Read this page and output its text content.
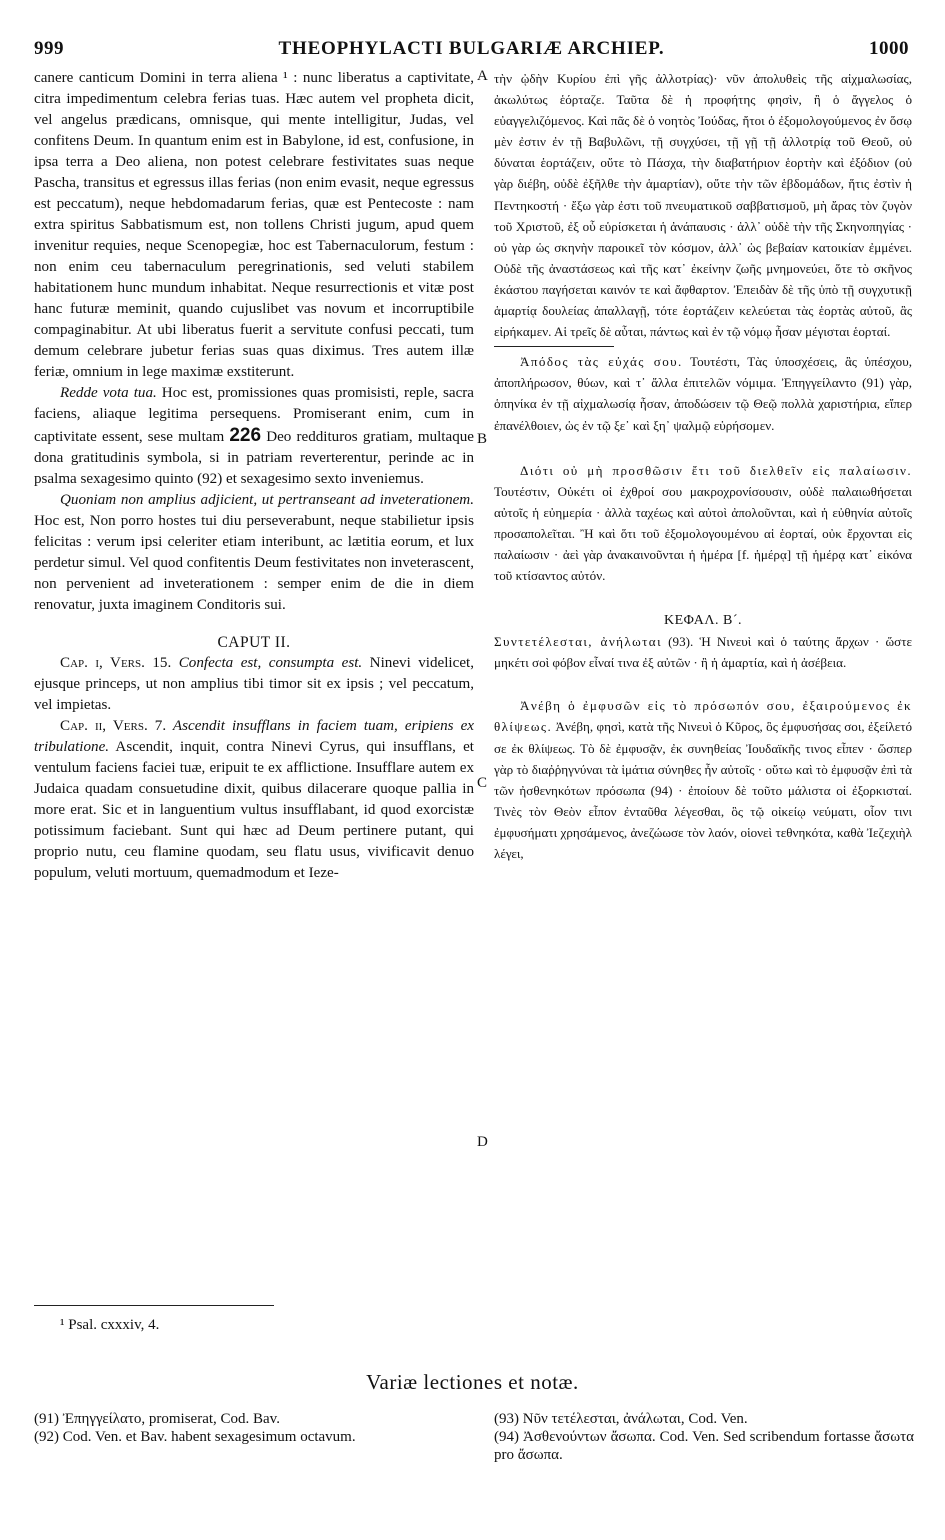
999	THEOPHYLACTI BULGARIÆ ARCHIEP.	1000
A
B
C
D

canere canticum Domini in terra aliena ¹ : nunc liberatus a captivitate, citra impedimentum celebra ferias tuas. Hæc autem vel propheta dicit, vel angelus prædicans, omnisque, qui mente intelligitur, Judas, vel confitens Deum. In quantum enim est in Babylone, id est, confusione, in ipsa terra a Deo aliena, non potest celebrare festivitates suas neque Pascha, transitus et egressus illas ferias (non enim evasit, neque egressus est peccatum), neque hebdomadarum ferias, quæ est Pentecoste : nam extra spiritus Sabbatismum est, non tollens Christi jugum, apud quem invenitur requies, neque Scenopegiæ, hoc est Tabernaculorum, festum : non enim ceu tabernaculum peregrinationis, sed veluti stabilem habitationem hunc mundum inhabitat. Neque resurrectionis et vitæ post hanc futuræ meminit, quando cujuslibet vas novum et incorruptibile compaginabitur. At ubi liberatus fuerit a servitute confusi peccati, tum demum celebrare jubetur ferias suas quas diximus. Tres autem illæ feriæ, omnium in lege maximæ exstiterunt.

Redde vota tua. Hoc est, promissiones quas promisisti, reple, sacra faciens, aliaque legitima persequens. Promiserant enim, cum in captivitate essent, sese multam 226 Deo reddituros gratiam, multaque dona gratitudinis symbola, si in patriam reverterentur, perinde ac in psalma sexagesimo quinto (92) et sexagesimo sexto inveniemus.

Quoniam non amplius adjicient, ut pertranseant ad inveterationem. Hoc est, Non porro hostes tui diu perseverabunt, neque stabilietur ipsis felicitas : verum ipsi celeriter etiam interibunt, ac lætitia eorum, et lux perdetur simul. Vel quod confitentis Deum festivitates non inveterascent, non pervenient ad inveterationem : semper enim de die in diem renovatur, juxta imaginem Conditoris sui.

CAPUT II.

Cap. i, Vers. 15. Confecta est, consumpta est. Ninevi videlicet, ejusque princeps, ut non amplius tibi timor sit ex ipsis ; vel peccatum, vel impietas.

Cap. ii, Vers. 7. Ascendit insufflans in faciem tuam, eripiens ex tribulatione. Ascendit, inquit, contra Ninevi Cyrus, qui insufflans, et ventulum faciens faciei tuæ, eripuit te ex afflictione. Insufflare autem ex Judaica quadam consuetudine dixit, quibus dilacerare quoque pallia in more erat. Sic et in languentium vultus insufflabant, id quod exorcistæ potissimum faciebant. Sunt qui hæc ad Deum pertinere putant, qui proprio nutu, ceu flamine quodam, seu flatu usus, vivificavit denuo populum, veluti mortuum, quemadmodum et Ieze-

τὴν ᾠδὴν Κυρίου ἐπὶ γῆς ἀλλοτρίας)· νῦν ἀπολυθεὶς τῆς αἰχμαλωσίας, ἀκωλύτως ἑόρταζε. Ταῦτα δὲ ἡ προφήτης φησὶν, ἢ ὁ ἄγγελος ὁ εὐαγγελιζόμενος. Καὶ πᾶς δὲ ὁ νοητὸς Ἰούδας, ἤτοι ὁ ἐξομολογούμενος ἐν ὅσῳ μὲν ἐστιν ἐν τῇ Βαβυλῶνι, τῇ συγχύσει, τῇ γῇ τῇ ἀλλοτρίᾳ τοῦ Θεοῦ, οὐ δύναται ἑορτάζειν, οὔτε τὸ Πάσχα, τὴν διαβατήριον ἑορτὴν καὶ ἐξόδιον (οὐ γὰρ διέβη, οὐδὲ ἐξῆλθε τὴν ἁμαρτίαν), οὔτε τὴν τῶν ἑβδομάδων, ἥτις ἐστὶν ἡ Πεντηκοστή · ἔξω γὰρ ἐστι τοῦ πνευματικοῦ σαββατισμοῦ, μὴ ἄρας τὸν ζυγὸν τοῦ Χριστοῦ, ἐξ οὗ εὑρίσκεται ἡ ἀνάπαυσις · ἀλλ᾽ οὐδὲ τὴν τῆς Σκηνοπηγίας · οὐ γὰρ ὡς σκηνὴν παροικεῖ τὸν κόσμον, ἀλλ᾽ ὡς βεβαίαν κατοικίαν ἐμμένει. Οὐδὲ τῆς ἀναστάσεως καὶ τῆς κατ᾽ ἐκείνην ζωῆς μνημονεύει, ὅτε τὸ σκῆνος ἑκάστου παγήσεται καινόν τε καὶ ἄφθαρτον. Ἐπειδὰν δὲ τῆς ὑπὸ τῇ συγχυτικῇ ἁμαρτίᾳ δουλείας ἀπαλλαγῇ, τότε ἑορτάζειν κελεύεται τὰς ἑορτὰς αὐτοῦ, ἃς εἰρήκαμεν. Αἱ τρεῖς δὲ αὗται, πάντως καὶ ἐν τῷ νόμῳ ἦσαν μέγισται ἑορταί.

Ἀπόδος τὰς εὐχάς σου. Τουτέστι, Τὰς ὑποσχέσεις, ἃς ὑπέσχου, ἀποπλήρωσον, θύων, καὶ τ᾽ ἄλλα ἐπιτελῶν νόμιμα. Ἐπηγγείλαντο (91) γὰρ, ὁπηνίκα ἐν τῇ αἰχμαλωσίᾳ ἦσαν, ἀποδώσειν τῷ Θεῷ πολλὰ χαριστήρια, εἴπερ ἐπανέλθοιεν, ὡς ἐν τῷ ξε᾽ καὶ ξη᾽ ψαλμῷ εὑρήσομεν.

Διότι οὐ μὴ προσθῶσιν ἔτι τοῦ διελθεῖν εἰς παλαίωσιν. Τουτέστιν, Οὐκέτι οἱ ἐχθροί σου μακροχρονίσουσιν, οὐδὲ παλαιωθήσεται αὐτοῖς ἡ εὐημερία · ἀλλὰ ταχέως καὶ αὐτοὶ ἀπολοῦνται, καὶ ἡ εὐθηνία αὐτοῖς προσαπολεῖται. Ἢ καὶ ὅτι τοῦ ἐξομολογουμένου αἱ ἑορταί, οὐκ ἔρχονται εἰς παλαίωσιν · ἀεὶ γὰρ ἀνακαινοῦνται ἡ ἡμέρα [f. ἡμέρᾳ] τῇ ἡμέρᾳ κατ᾽ εἰκόνα τοῦ κτίσαντος αὐτόν.

ΚΕΦΑΛ. Β´.

Συντετέλεσται, ἀνήλωται (93). Ἡ Νινευὶ καὶ ὁ ταύτης ἄρχων · ὥστε μηκέτι σοὶ φόβον εἶναί τινα ἐξ αὐτῶν · ἢ ἡ ἁμαρτία, καὶ ἡ ἀσέβεια.

Ἀνέβη ὁ ἐμφυσῶν εἰς τὸ πρόσωπόν σου, ἐξαιρούμενος ἐκ θλίψεως. Ἀνέβη, φησὶ, κατὰ τῆς Νινευὶ ὁ Κῦρος, ὃς ἐμφυσήσας σοι, ἐξείλετό σε ἐκ θλίψεως. Τὸ δὲ ἐμφυσᾷν, ἐκ συνηθείας Ἰουδαϊκῆς τινος εἶπεν · ὥσπερ γὰρ τὸ διαῤῥηγνύναι τὰ ἱμάτια σύνηθες ἦν αὐτοῖς · οὕτω καὶ τὸ ἐμφυσᾷν ἐπὶ τὰ τῶν ἠσθενηκότων πρόσωπα (94) · ἐποίουν δὲ τοῦτο μάλιστα οἱ ἐξορκισταί. Τινὲς τὸν Θεὸν εἶπον ἐνταῦθα λέγεσθαι, ὃς τῷ οἰκείῳ νεύματι, οἷον τινι ἐμφυσήματι χρησάμενος, ἀνεζώωσε τὸν λαόν, οἱονεὶ τεθνηκότα, καθὰ Ἰεζεχιὴλ λέγει,

¹ Psal. cxxxiv, 4.
Variæ lectiones et notæ.

(91) Ἐπηγγείλατο, promiserat, Cod. Bav.

(92) Cod. Ven. et Bav. habent sexagesimum octavum.

(93) Νῦν τετέλεσται, ἀνάλωται, Cod. Ven.

(94) Ἀσθενούντων ἄσωπα. Cod. Ven. Sed scribendum fortasse ἄσωτα pro ἄσωπα.
